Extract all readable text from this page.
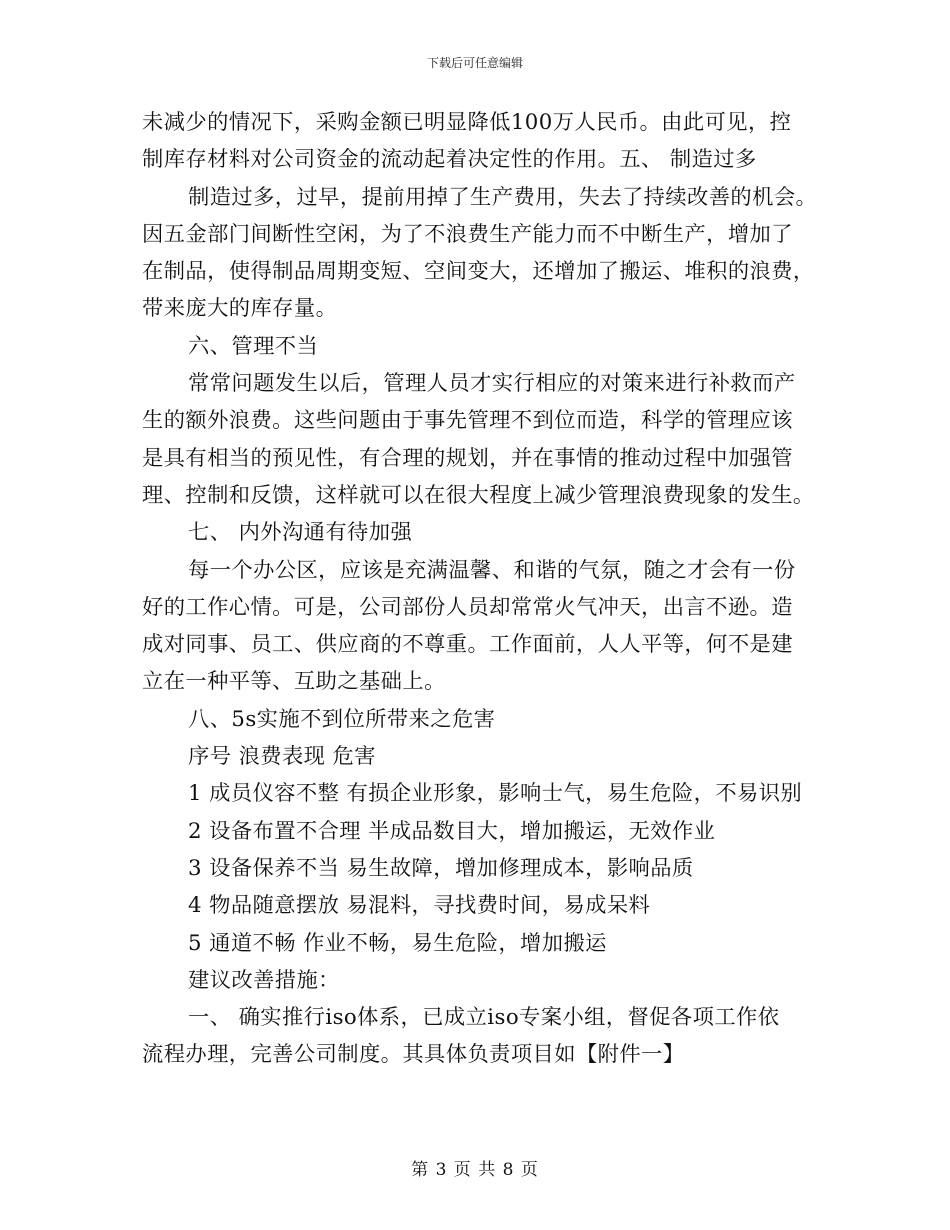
下载后可任意编辑

未减少的情况下，采购金额已明显降低100万人民币。由此可见，控

制库存材料对公司资金的流动起着决定性的作用。五、 制造过多

制造过多，过早，提前用掉了生产费用，失去了持续改善的机会。

因五金部门间断性空闲，为了不浪费生产能力而不中断生产，增加了

在制品，使得制品周期变短、空间变大，还增加了搬运、堆积的浪费，

带来庞大的库存量。

六、管理不当

常常问题发生以后，管理人员才实行相应的对策来进行补救而产

生的额外浪费。这些问题由于事先管理不到位而造，科学的管理应该

是具有相当的预见性，有合理的规划，并在事情的推动过程中加强管

理、控制和反馈，这样就可以在很大程度上减少管理浪费现象的发生。

七、 内外沟通有待加强

每一个办公区，应该是充满温馨、和谐的气氛，随之才会有一份

好的工作心情。可是，公司部份人员却常常火气冲天，出言不逊。造

成对同事、员工、供应商的不尊重。工作面前，人人平等，何不是建

立在一种平等、互助之基础上。

八、5s实施不到位所带来之危害

序号 浪费表现 危害

1 成员仪容不整 有损企业形象，影响士气，易生危险，不易识别

2 设备布置不合理 半成品数目大，增加搬运，无效作业

3 设备保养不当 易生故障，增加修理成本，影响品质

4 物品随意摆放 易混料，寻找费时间，易成呆料

5 通道不畅 作业不畅，易生危险，增加搬运

建议改善措施：

一、 确实推行iso体系，已成立iso专案小组，督促各项工作依

流程办理，完善公司制度。其具体负责项目如【附件一】

第 3 页 共 8 页
